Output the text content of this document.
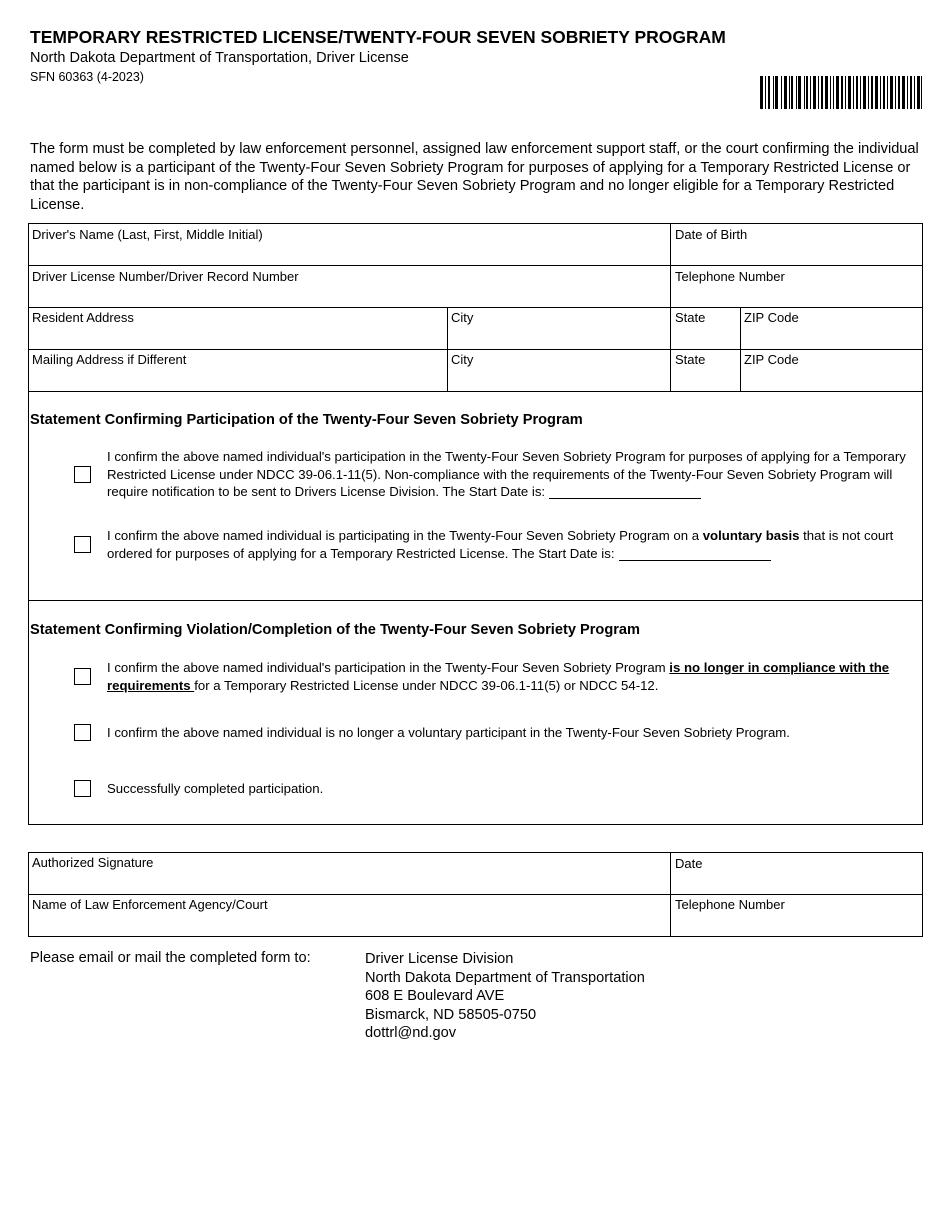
TEMPORARY RESTRICTED LICENSE/TWENTY-FOUR SEVEN SOBRIETY PROGRAM
North Dakota Department of Transportation, Driver License
SFN 60363 (4-2023)
The form must be completed by law enforcement personnel, assigned law enforcement support staff, or the court confirming the individual named below is a participant of the Twenty-Four Seven Sobriety Program for purposes of applying for a Temporary Restricted License or that the participant is in non-compliance of the Twenty-Four Seven Sobriety Program and no longer eligible for a Temporary Restricted License.
Driver's Name (Last, First, Middle Initial)	Date of Birth
Driver License Number/Driver Record Number	Telephone Number
Resident Address	City	State	ZIP Code
Mailing Address if Different	City	State	ZIP Code
Statement Confirming Participation of the Twenty-Four Seven Sobriety Program
I confirm the above named individual's participation in the Twenty-Four Seven Sobriety Program for purposes of applying for a Temporary Restricted License under NDCC 39-06.1-11(5). Non-compliance with the requirements of the Twenty-Four Seven Sobriety Program will require notification to be sent to Drivers License Division. The Start Date is:
I confirm the above named individual is participating in the Twenty-Four Seven Sobriety Program on a voluntary basis that is not court ordered for purposes of applying for a Temporary Restricted License. The Start Date is:
Statement Confirming Violation/Completion of the Twenty-Four Seven Sobriety Program
I confirm the above named individual's participation in the Twenty-Four Seven Sobriety Program is no longer in compliance with the requirements for a Temporary Restricted License under NDCC 39-06.1-11(5) or NDCC 54-12.
I confirm the above named individual is no longer a voluntary participant in the Twenty-Four Seven Sobriety Program.
Successfully completed participation.
Authorized Signature	Date
Name of Law Enforcement Agency/Court	Telephone Number
Please email or mail the completed form to:	Driver License Division
North Dakota Department of Transportation
608 E Boulevard AVE
Bismarck, ND 58505-0750
dottrl@nd.gov
